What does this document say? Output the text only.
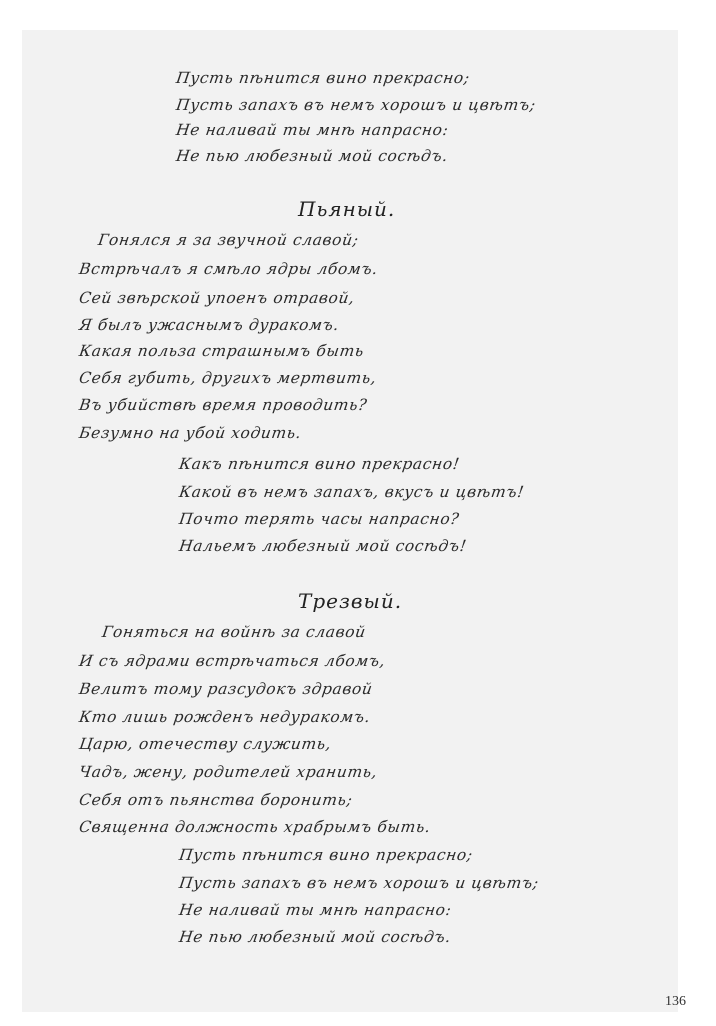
Пусть пѣнится вино прекрасно;
Пусть запахъ въ немъ хорошъ и цвѣтъ;
Не наливай ты мнѣ напрасно:
Не пью любезный мой сосѣдъ.
Пьяный.
Гонялся я за звучной славой;
Встрѣчалъ я смѣло ядры лбомъ.
Сей звѣрской упоенъ отравой,
Я былъ ужаснымъ дуракомъ.
Какая польза страшнымъ быть
Себя губить, другихъ мертвить,
Въ убийствѣ время проводить?
Безумно на убой ходить.
Какъ пѣнится вино прекрасно!
Какой въ немъ запахъ, вкусъ и цвѣтъ!
Почто терять часы напрасно?
Нальемъ любезный мой сосѣдъ!
Трезвый.
Гоняться на войнѣ за славой
И съ ядрами встрѣчаться лбомъ,
Велитъ тому разсудокъ здравой
Кто лишь рожденъ недуракомъ.
Царю, отечеству служить,
Чадъ, жену, родителей хранить,
Себя отъ пьянства боронить;
Священна должность храбрымъ быть.
Пусть пѣнится вино прекрасно;
Пусть запахъ въ немъ хорошъ и цвѣтъ;
Не наливай ты мнѣ напрасно:
Не пью любезный мой сосѣдъ.
136
